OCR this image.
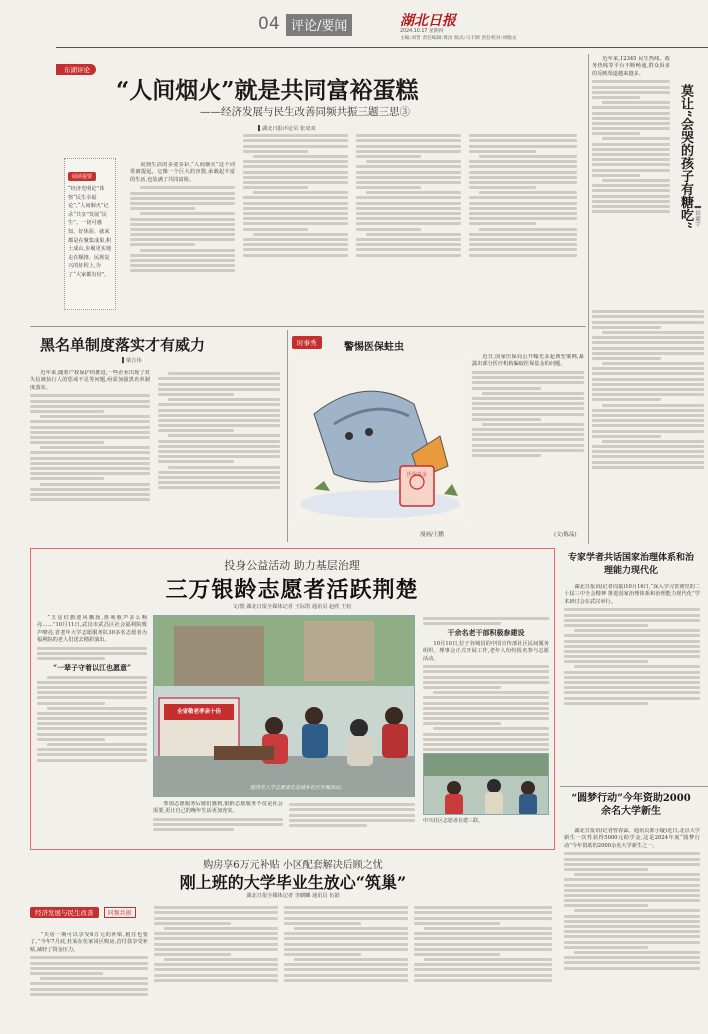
04 评论/要闻	湖北日报
2024.10.17 星期四
主编:刘晋 责任编辑:黄汝 版式:马丰源 责任校对:刘晓文
东湖评论
“人间烟火”就是共同富裕蛋糕
——经济发展与民生改善同频共振三题三思③
▌湖北日报评论员 张双双
阅读提要
“经济光明论”体察“民生幸福论”,“人间烟火”记录“共享”发展“民生”。一切可感知、好体验、就来都是在聚集成果,积土成山,步履更实地走在顺推、民族复兴的征程上,为了“大家都有份”。

说到生活的多姿多彩,“人间烟火”这个词常被提起。它像一个巨大的容器,承载起丰富的生活,也装满了共同富裕。

近年来,12345 民生热线、政务热线等平台不断畅通,群众诉求的反映渠道越来越多。

莫让“会哭的孩子有糖吃” ▌田豪宇
黑名单制度落实才有威力
▌梁吉伟

近年来,随着产权保护的推进,一些企业出现了对失信被执行人的惩戒不足等问题,亟需加强黑名单制度落实。

时事秀	警惕医保蛀虫
医保基金
漫画/王鹏

近日,国家医保局公开曝光多起典型案例,暴露出部分医疗机构骗取医保基金的问题。

(文/陈晶)
投身公益活动 助力基层治理
三万银龄志愿者活跃荆楚
文/图 湖北日报全媒体记者 王际凯 通讯员 赵欣 王松

“五星红旗迎风飘扬,胜利歌声多么响亮……”10月11日,武汉市武昌区社会福利院歌声嘹亮,省老年大学志愿服务队30多名志愿者为福利院的老人们送去精彩演出。

“一辈子守着以江也愿意”
全省敬老孝亲十佳
屋湾老人学志愿者走进城乡社区开展活动。

参加志愿服务后她们感到,银龄志愿服务不仅是社会需要,更让自己的晚年生活更加充实。

干余名老干部积极参建设

10月10日,位于谷城县的中国宣传部社区民间服务组织、理事会正式开展工作,老年人纷纷报名参与志愿活动。

中兴社区志愿者在建三联。
专家学者共话国家治理体系和治理能力现代化

湖北日报讯(记者周嘉)10月16日,“深入学习贯彻党的二十届三中全会精神 推进国家治理体系和治理能力现代化”学术研讨会在武汉举行。

“圆梦行动”今年资助2000余名大学新生

湖北日报讯(记者曾春霖、通讯员郭小璇)近日,北京大学新生一次性获得5000元助学金,这是2024年度“圆梦行动”今年资助的2000余名大学新生之一。

购房享6万元补贴 小区配套解决后顾之忧
刚上班的大学毕业生放心“筑巢”
湖北日报全媒体记者 李麒麟 通讯员 伍娟
经济发展与民生改善 同频共振

“买房一期可以享受6万元的补贴,租住也要了。”今年7月底,杜某在伍家岗区购房,首付款享受补贴,减轻了资金压力。
